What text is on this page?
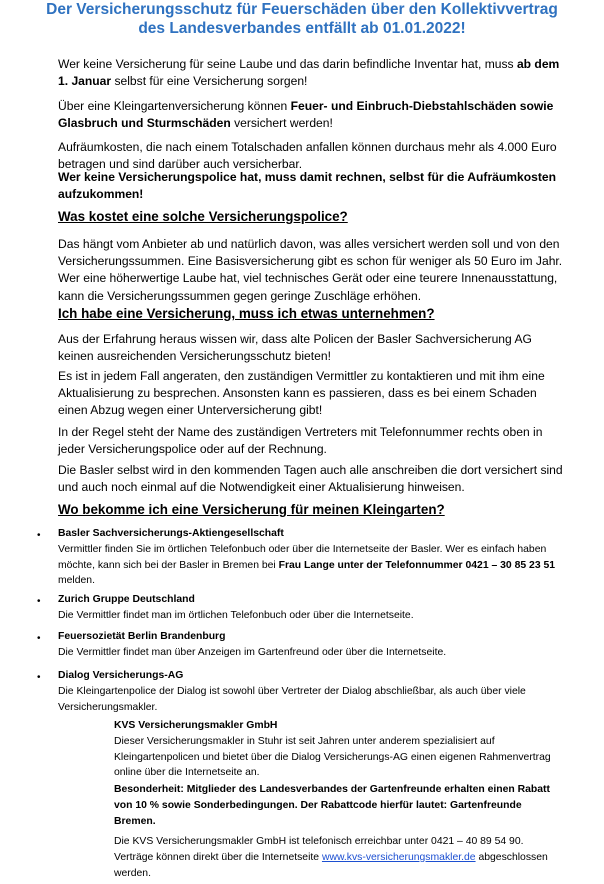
Der Versicherungsschutz für Feuerschäden über den Kollektivvertrag
des Landesverbandes entfällt ab 01.01.2022!
Wer keine Versicherung für seine Laube und das darin befindliche Inventar hat, muss ab dem 1. Januar selbst für eine Versicherung sorgen!
Über eine Kleingartenversicherung können Feuer- und Einbruch-Diebstahlschäden sowie Glasbruch und Sturmschäden versichert werden!
Aufräumkosten, die nach einem Totalschaden anfallen können durchaus mehr als 4.000 Euro betragen und sind darüber auch versicherbar.
Wer keine Versicherungspolice hat, muss damit rechnen, selbst für die Aufräumkosten aufzukommen!
Was kostet eine solche Versicherungspolice?
Das hängt vom Anbieter ab und natürlich davon, was alles versichert werden soll und von den Versicherungssummen. Eine Basisversicherung gibt es schon für weniger als 50 Euro im Jahr. Wer eine höherwertige Laube hat, viel technisches Gerät oder eine teurere Innenausstattung, kann die Versicherungssummen gegen geringe Zuschläge erhöhen.
Ich habe eine Versicherung, muss ich etwas unternehmen?
Aus der Erfahrung heraus wissen wir, dass alte Policen der Basler Sachversicherung AG keinen ausreichenden Versicherungsschutz bieten!
Es ist in jedem Fall angeraten, den zuständigen Vermittler zu kontaktieren und mit ihm eine Aktualisierung zu besprechen. Ansonsten kann es passieren, dass es bei einem Schaden einen Abzug wegen einer Unterversicherung gibt!
In der Regel steht der Name des zuständigen Vertreters mit Telefonnummer rechts oben in jeder Versicherungspolice oder auf der Rechnung.
Die Basler selbst wird in den kommenden Tagen auch alle anschreiben die dort versichert sind und auch noch einmal auf die Notwendigkeit einer Aktualisierung hinweisen.
Wo bekomme ich eine Versicherung für meinen Kleingarten?
• Basler Sachversicherungs-Aktiengesellschaft
Vermittler finden Sie im örtlichen Telefonbuch oder über die Internetseite der Basler. Wer es einfach haben möchte, kann sich bei der Basler in Bremen bei Frau Lange unter der Telefonnummer 0421 – 30 85 23 51 melden.
• Zurich Gruppe Deutschland
Die Vermittler findet man im örtlichen Telefonbuch oder über die Internetseite.
• Feuersozietät Berlin Brandenburg
Die Vermittler findet man über Anzeigen im Gartenfreund oder über die Internetseite.
• Dialog Versicherungs-AG
Die Kleingartenpolice der Dialog ist sowohl über Vertreter der Dialog abschließbar, als auch über viele Versicherungsmakler.
KVS Versicherungsmakler GmbH
Dieser Versicherungsmakler in Stuhr ist seit Jahren unter anderem spezialisiert auf Kleingartenpolicen und bietet über die Dialog Versicherungs-AG einen eigenen Rahmenvertrag online über die Internetseite an.
Besonderheit: Mitglieder des Landesverbandes der Gartenfreunde erhalten einen Rabatt von 10 % sowie Sonderbedingungen. Der Rabattcode hierfür lautet: Gartenfreunde Bremen.
Die KVS Versicherungsmakler GmbH ist telefonisch erreichbar unter 0421 – 40 89 54 90. Verträge können direkt über die Internetseite www.kvs-versicherungsmakler.de abgeschlossen werden.
